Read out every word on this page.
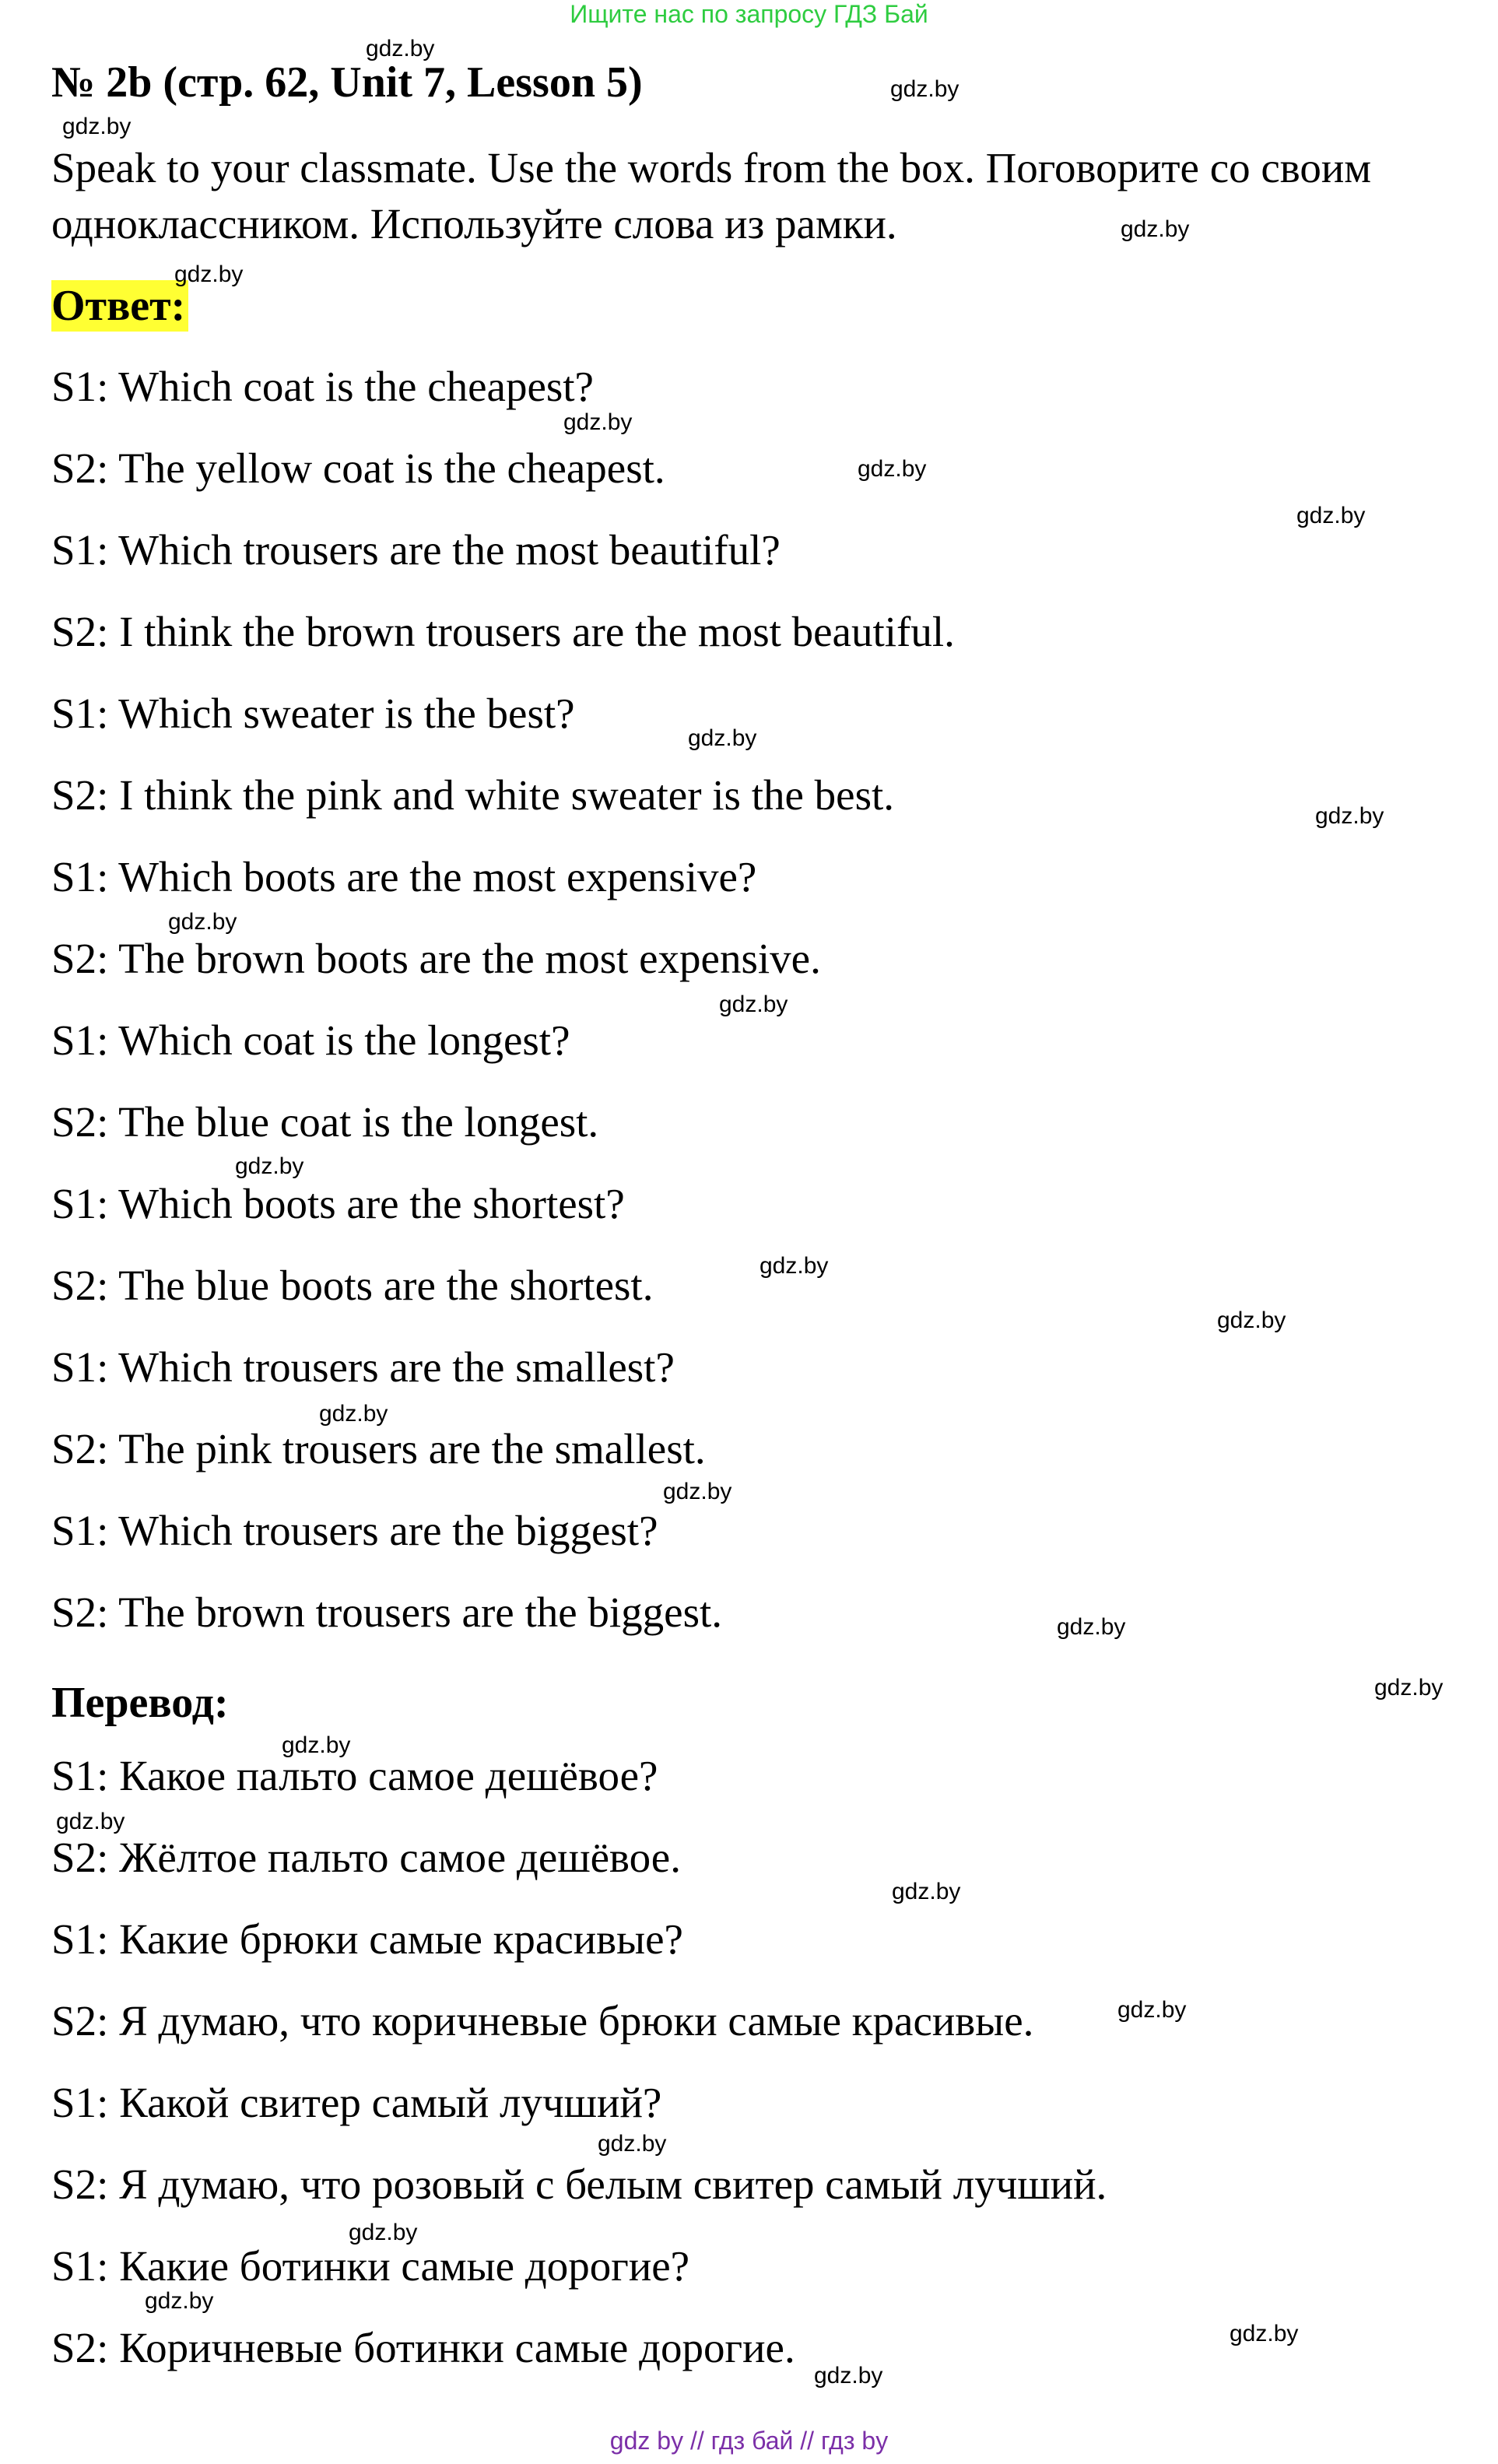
Ищите нас по запросу ГДЗ Бай
№ 2b (стр. 62, Unit 7, Lesson 5)
Speak to your classmate. Use the words from the box. Поговорите со своим одноклассником. Используйте слова из рамки.
Ответ:
S1: Which coat is the cheapest?
S2: The yellow coat is the cheapest.
S1: Which trousers are the most beautiful?
S2: I think the brown trousers are the most beautiful.
S1: Which sweater is the best?
S2: I think the pink and white sweater is the best.
S1: Which boots are the most expensive?
S2: The brown boots are the most expensive.
S1: Which coat is the longest?
S2: The blue coat is the longest.
S1: Which boots are the shortest?
S2: The blue boots are the shortest.
S1: Which trousers are the smallest?
S2: The pink trousers are the smallest.
S1: Which trousers are the biggest?
S2: The brown trousers are the biggest.
Перевод:
S1: Какое пальто самое дешёвое?
S2: Жёлтое пальто самое дешёвое.
S1: Какие брюки самые красивые?
S2: Я думаю, что коричневые брюки самые красивые.
S1: Какой свитер самый лучший?
S2: Я думаю, что розовый с белым свитер самый лучший.
S1: Какие ботинки самые дорогие?
S2: Коричневые ботинки самые дорогие.
gdz.by
gdz.by
gdz.by
gdz.by
gdz.by
gdz.by
gdz.by
gdz.by
gdz.by
gdz.by
gdz.by
gdz.by
gdz.by
gdz.by
gdz.by
gdz.by
gdz.by
gdz.by
gdz.by
gdz.by
gdz.by
gdz.by
gdz.by
gdz.by
gdz.by
gdz.by
gdz.by
gdz.by
gdz by // гдз бай // гдз by
